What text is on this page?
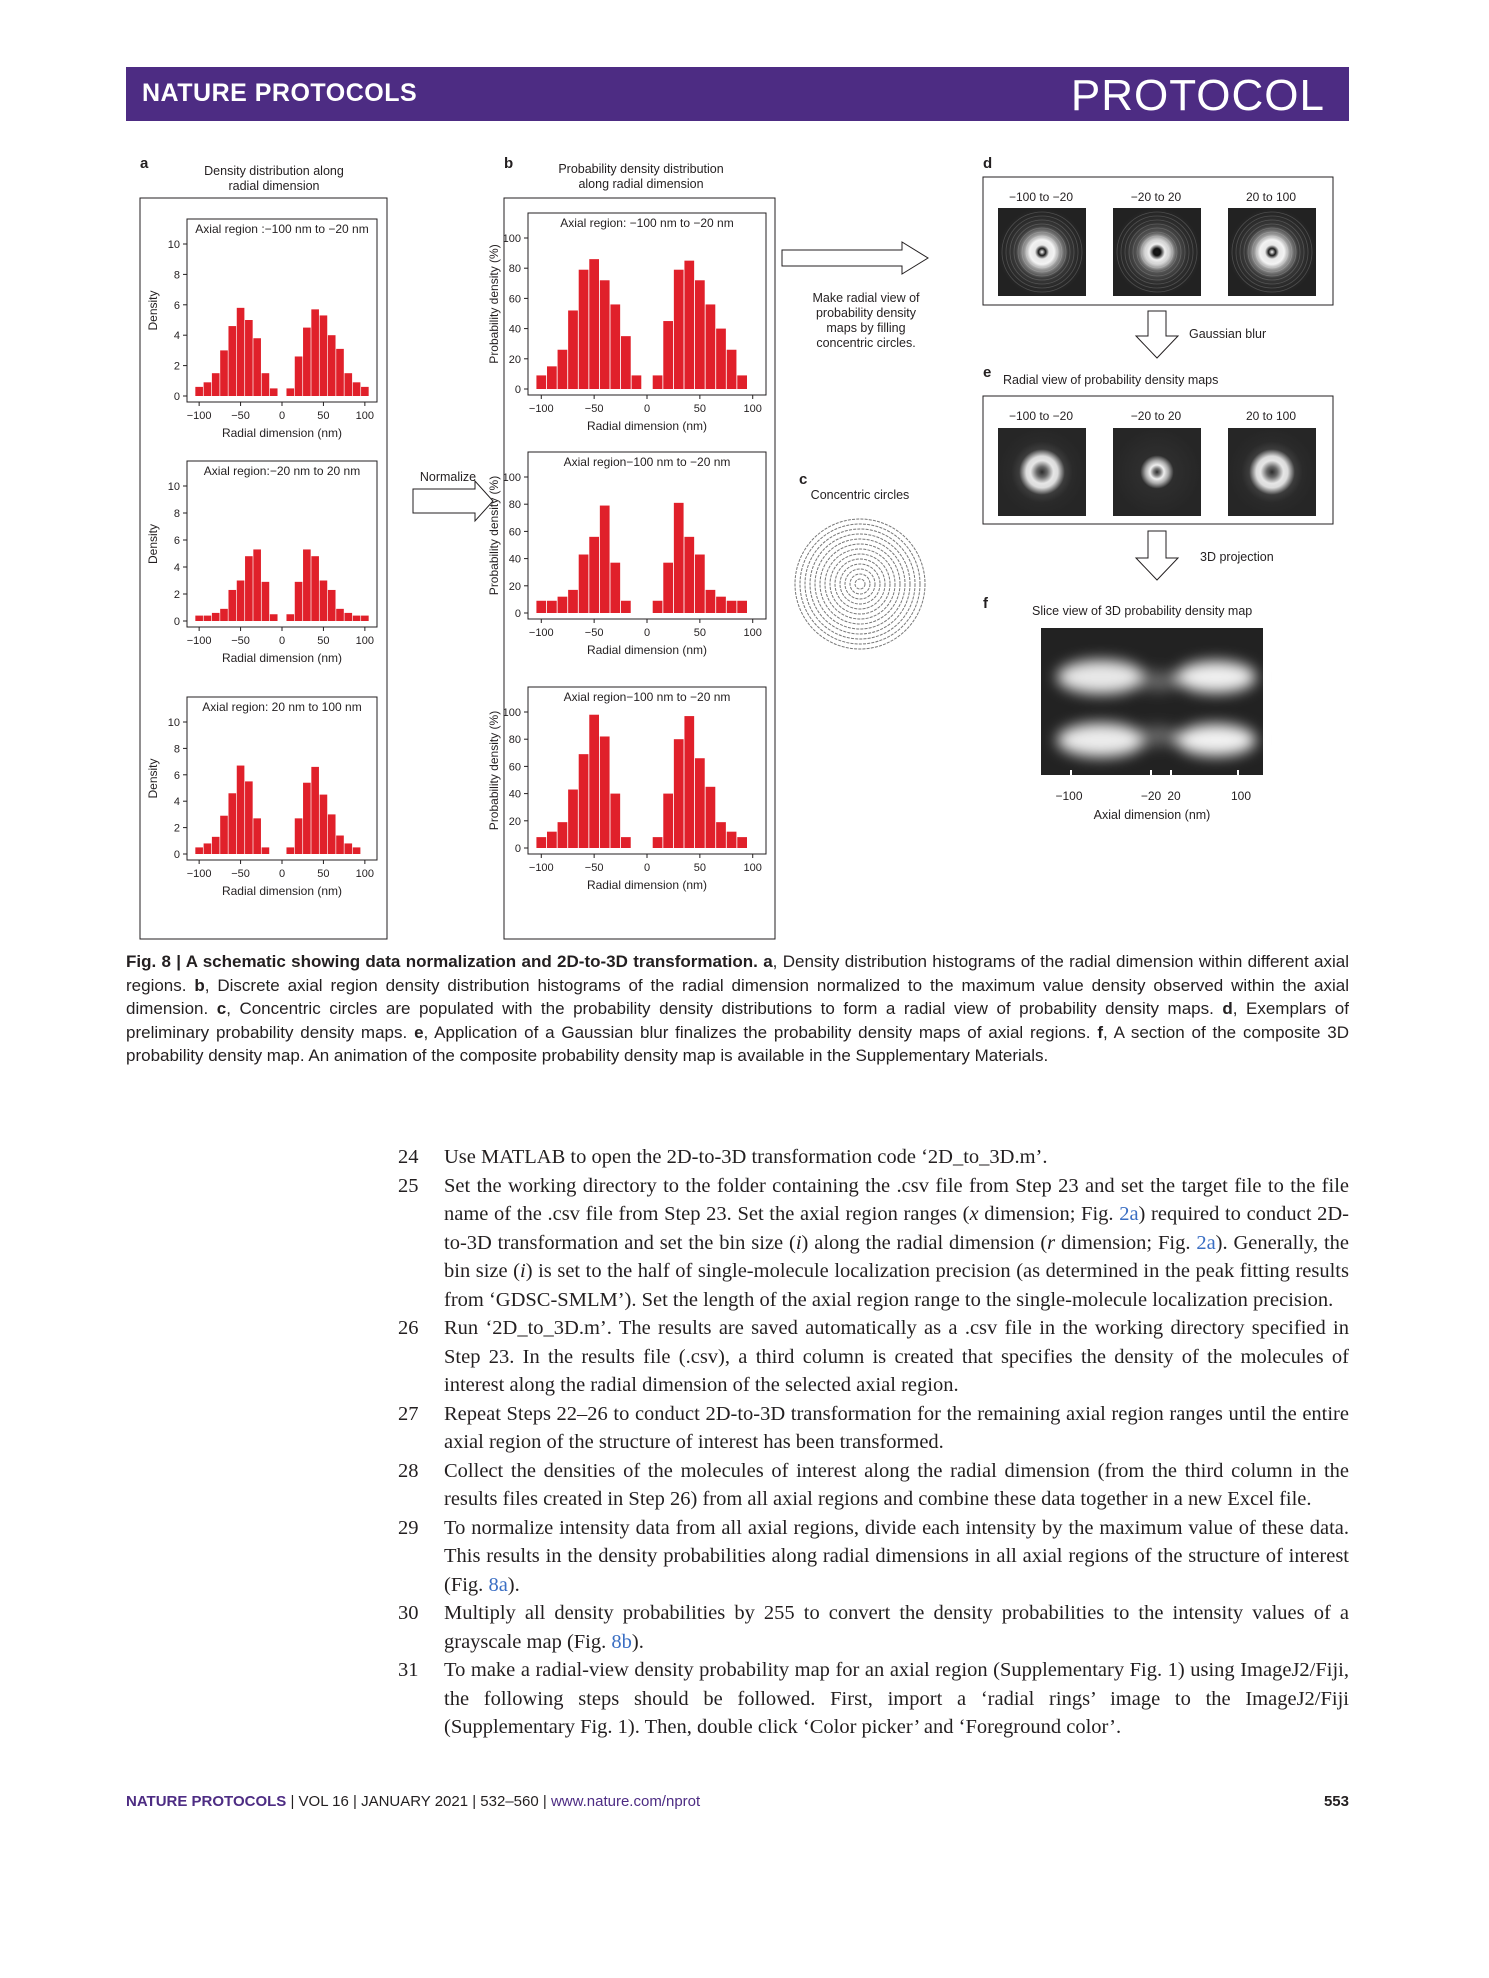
NATURE PROTOCOLS	PROTOCOL
a	Density distribution along
radial dimension
Axial region :−100 nm to −20 nm
0
2
4
6
8
10
−100 −50	0	50 100
Radial dimension (nm)
Density
Axial region:−20 nm to 20 nm
0
2
4
6
8
10
−100 −50	0	50 100
Radial dimension (nm)
Density
Axial region: 20 nm to 100 nm
0
2
4
6
8
10
−100 −50	0	50 100
Radial dimension (nm)
Density
Normalize
b	Probability density distribution
along radial dimension
Axial region: −100 nm to −20 nm
0
20
40
60
80
100
−100	−50	0	50	100
Radial dimension (nm)
Probability density (%)
Axial region−100 nm to −20 nm
0
20
40
60
80
100
−100	−50	0	50	100
Radial dimension (nm)
Probability density (%)
Axial region−100 nm to −20 nm
0
20
40
60
80
100
−100	−50	0	50	100
Radial dimension (nm)
Probability density (%)
Make radial view of
probability density
maps by filling
concentric circles.
c
Concentric circles
d
−100 to −20	−20 to 20	20 to 100
Gaussian blur
e Radial view of probability density maps
−100 to −20	−20 to 20	20 to 100
3D projection
f	Slice view of 3D probability density map
−100	−20 20	100
Axial dimension (nm)
Fig. 8 | A schematic showing data normalization and 2D-to-3D transformation. a, Density distribution histograms of the radial dimension within different axial regions. b, Discrete axial region density distribution histograms of the radial dimension normalized to the maximum value density observed within the axial dimension. c, Concentric circles are populated with the probability density distributions to form a radial view of probability density maps. d, Exemplars of preliminary probability density maps. e, Application of a Gaussian blur finalizes the probability density maps of axial regions. f, A section of the composite 3D probability density map. An animation of the composite probability density map is available in the Supplementary Materials.
24	Use MATLAB to open the 2D-to-3D transformation code ‘2D_to_3D.m’.
25	Set the working directory to the folder containing the .csv file from Step 23 and set the target file to the file name of the .csv file from Step 23. Set the axial region ranges (x dimension; Fig. 2a) required to conduct 2D-to-3D transformation and set the bin size (i) along the radial dimension (r dimension; Fig. 2a). Generally, the bin size (i) is set to the half of single-molecule localization precision (as determined in the peak fitting results from ‘GDSC-SMLM’). Set the length of the axial region range to the single-molecule localization precision.
26	Run ‘2D_to_3D.m’. The results are saved automatically as a .csv file in the working directory specified in Step 23. In the results file (.csv), a third column is created that specifies the density of the molecules of interest along the radial dimension of the selected axial region.
27	Repeat Steps 22–26 to conduct 2D-to-3D transformation for the remaining axial region ranges until the entire axial region of the structure of interest has been transformed.
28	Collect the densities of the molecules of interest along the radial dimension (from the third column in the results files created in Step 26) from all axial regions and combine these data together in a new Excel file.
29	To normalize intensity data from all axial regions, divide each intensity by the maximum value of these data. This results in the density probabilities along radial dimensions in all axial regions of the structure of interest (Fig. 8a).
30	Multiply all density probabilities by 255 to convert the density probabilities to the intensity values of a grayscale map (Fig. 8b).
31	To make a radial-view density probability map for an axial region (Supplementary Fig. 1) using ImageJ2/Fiji, the following steps should be followed. First, import a ‘radial rings’ image to the ImageJ2/Fiji (Supplementary Fig. 1). Then, double click ‘Color picker’ and ‘Foreground color’.
NATURE PROTOCOLS | VOL 16 | JANUARY 2021 | 532–560 | www.nature.com/nprot	553
